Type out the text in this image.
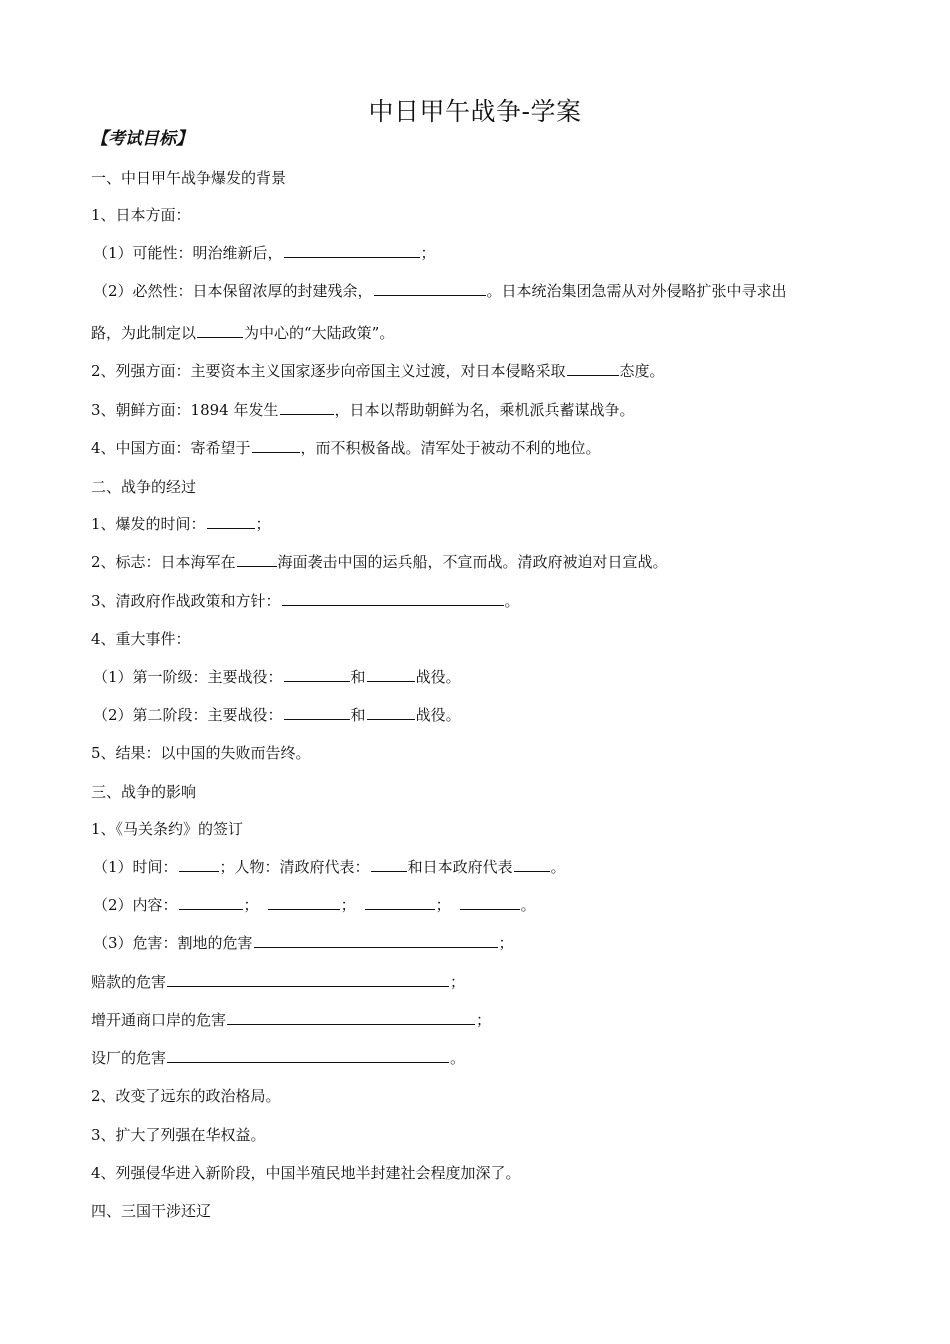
中日甲午战争-学案
【考试目标】
一、中日甲午战争爆发的背景
1、日本方面：
（1）可能性：明治维新后，	；
（2）必然性：日本保留浓厚的封建残余，	。日本统治集团急需从对外侵略扩张中寻求出
路，为此制定以	为中心的“大陆政策”。
2、列强方面：主要资本主义国家逐步向帝国主义过渡，对日本侵略采取	态度。
3、朝鲜方面：1894 年发生	，日本以帮助朝鲜为名，乘机派兵蓄谋战争。
4、中国方面：寄希望于	，而不积极备战。清军处于被动不利的地位。
二、战争的经过
1、爆发的时间：	；
2、标志：日本海军在	海面袭击中国的运兵船，不宣而战。清政府被迫对日宣战。
3、清政府作战政策和方针：	。
4、重大事件：
（1）第一阶级：主要战役：	和	战役。
（2）第二阶段：主要战役：	和	战役。
5、结果：以中国的失败而告终。
三、战争的影响
1、《马关条约》的签订
（1）时间：	；人物：清政府代表：	和日本政府代表	。
（2）内容：	；	；	；	。
（3）危害：割地的危害	；
赔款的危害	；
增开通商口岸的危害	；
设厂的危害	。
2、改变了远东的政治格局。
3、扩大了列强在华权益。
4、列强侵华进入新阶段，中国半殖民地半封建社会程度加深了。
四、三国干涉还辽
